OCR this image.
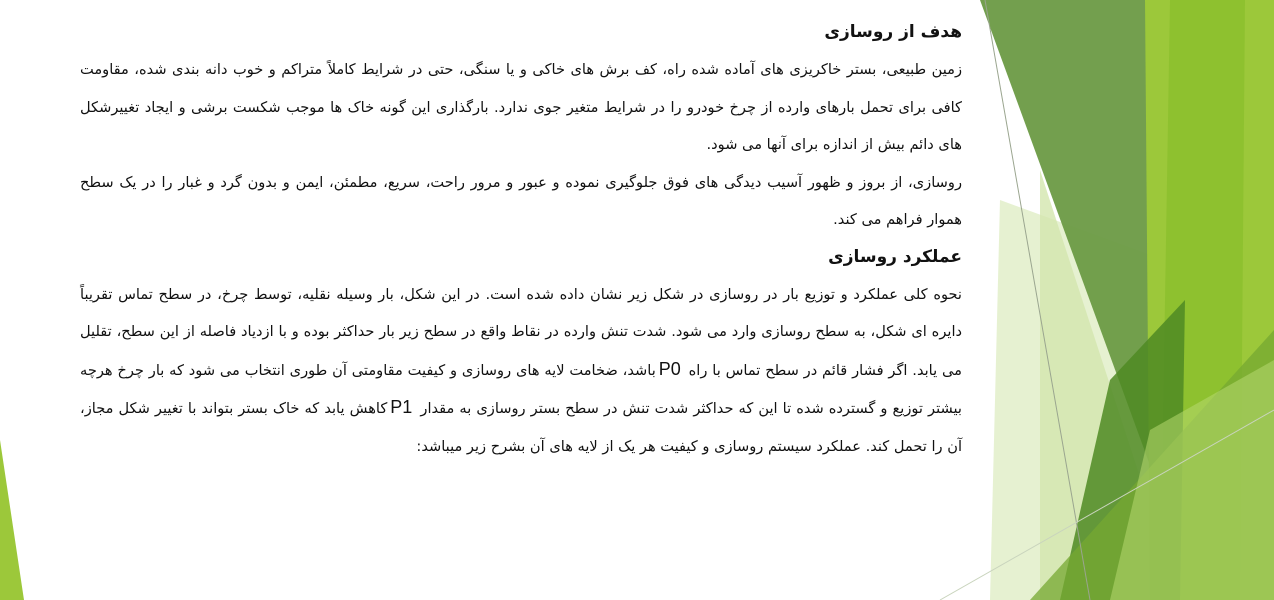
هدف از روسازی

زمین طبیعی، بستر خاکریزی های آماده شده راه، کف برش های خاکی و یا سنگی، حتی در شرایط کاملاً متراکم و خوب دانه بندی شده، مقاومت کافی برای تحمل بارهای وارده از چرخ خودرو را در شرایط متغیر جوی ندارد. بارگذاری این گونه خاک ها موجب شکست برشی و ایجاد تغییرشکل های دائم بیش از اندازه برای آنها می شود.

روسازی، از بروز و ظهور آسیب دیدگی های فوق جلوگیری نموده و عبور و مرور راحت، سریع، مطمئن، ایمن و بدون گرد و غبار را در یک سطح هموار فراهم می کند.

عملکرد روسازی

نحوه کلی عملکرد و توزیع بار در روسازی در شکل زیر نشان داده شده است. در این شکل، بار وسیله نقلیه، توسط چرخ، در سطح تماس تقریباً دایره ای شکل، به سطح روسازی وارد می شود. شدت تنش وارده در نقاط واقع در سطح زیر بار حداکثر بوده و با ازدیاد فاصله از این سطح، تقلیل می یابد. اگر فشار قائم در سطح تماس با راه P0باشد، ضخامت لایه های روسازی و کیفیت مقاومتی آن طوری انتخاب می شود که بار چرخ هرچه بیشتر توزیع و گسترده شده تا این که حداکثر شدت تنش در سطح بستر روسازی به مقدار P1کاهش یابد که خاک بستر بتواند با تغییر شکل مجاز، آن را تحمل کند. عملکرد سیستم روسازی و کیفیت هر یک از لایه های آن بشرح زیر میباشد:
